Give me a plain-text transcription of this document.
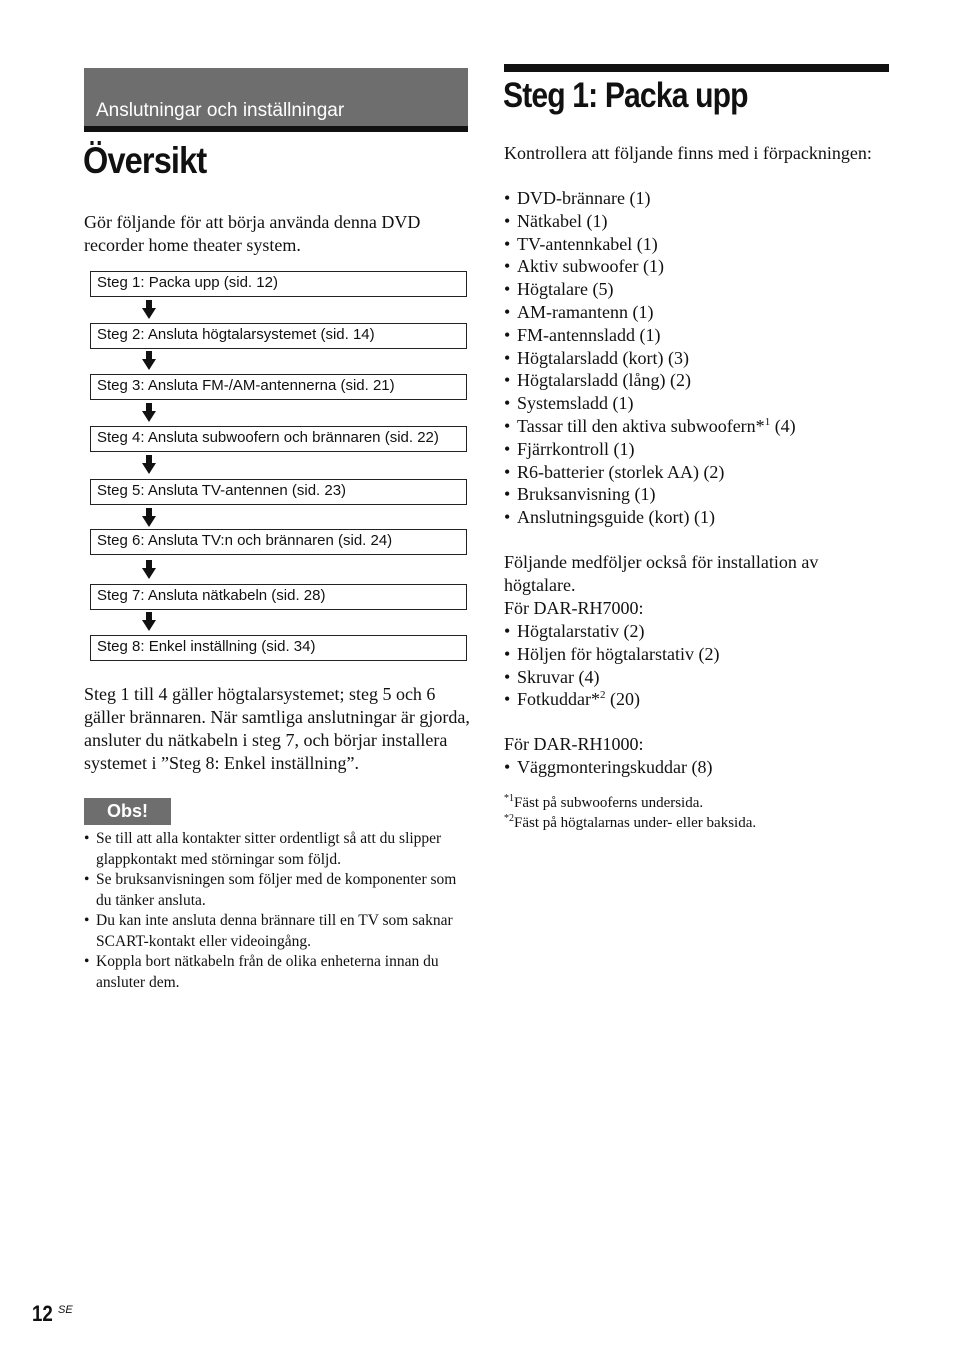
Anslutningar och inställningar
Översikt
Steg 1: Packa upp
Gör följande för att börja använda denna DVD recorder home theater system.
Steg 1: Packa upp (sid. 12)
Steg 2: Ansluta högtalarsystemet (sid. 14)
Steg 3: Ansluta FM-/AM-antennerna (sid. 21)
Steg 4: Ansluta subwoofern och brännaren (sid. 22)
Steg 5: Ansluta TV-antennen (sid. 23)
Steg 6: Ansluta TV:n och brännaren (sid. 24)
Steg 7: Ansluta nätkabeln (sid. 28)
Steg 8: Enkel inställning (sid. 34)
Steg 1 till 4 gäller högtalarsystemet; steg 5 och 6 gäller brännaren. När samtliga anslutningar är gjorda, ansluter du nätkabeln i steg 7, och börjar installera systemet i ”Steg 8: Enkel inställning”.
Obs!
• Se till att alla kontakter sitter ordentligt så att du slipper glappkontakt med störningar som följd.
• Se bruksanvisningen som följer med de komponenter som du tänker ansluta.
• Du kan inte ansluta denna brännare till en TV som saknar SCART-kontakt eller videoingång.
• Koppla bort nätkabeln från de olika enheterna innan du ansluter dem.

Kontrollera att följande finns med i förpackningen:

• DVD-brännare (1)
• Nätkabel (1)
• TV-antennkabel (1)
• Aktiv subwoofer (1)
• Högtalare (5)
• AM-ramantenn (1)
• FM-antennsladd (1)
• Högtalarsladd (kort) (3)
• Högtalarsladd (lång) (2)
• Systemsladd (1)
• Tassar till den aktiva subwoofern*$^1$ (4)
• Fjärrkontroll (1)
• R6-batterier (storlek AA) (2)
• Bruksanvisning (1)
• Anslutningsguide (kort) (1)

Följande medföljer också för installation av högtalare.

För DAR-RH7000:

• Högtalarstativ (2)
• Höljen för högtalarstativ (2)
• Skruvar (4)
• Fotkuddar*$^2$ (20)

För DAR-RH1000:

• Väggmonteringskuddar (8)
$^{*1}$Fäst på subwooferns undersida.
$^{*2}$Fäst på högtalarnas under- eller baksida.
12 SE
